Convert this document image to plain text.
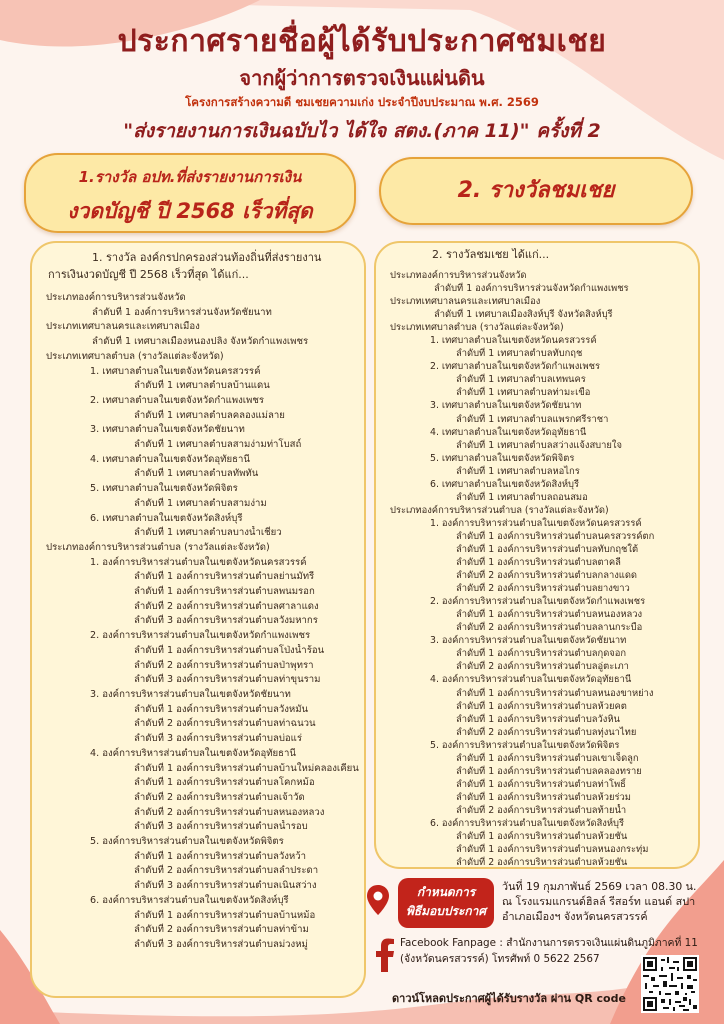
ประกาศรายชื่อผู้ได้รับประกาศชมเชย
จากผู้ว่าการตรวจเงินแผ่นดิน
โครงการสร้างความดี ชมเชยความเก่ง ประจำปีงบประมาณ พ.ศ. 2569
"ส่งรายงานการเงินฉบับไว ได้ใจ สตง.(ภาค 11)" ครั้งที่ 2
1.รางวัล อปท.ที่ส่งรายงานการเงิน
งวดบัญชี ปี 2568 เร็วที่สุด
2. รางวัลชมเชย
1. รางวัล องค์กรปกครองส่วนท้องถิ่นที่ส่งรายงาน
การเงินงวดบัญชี ปี 2568 เร็วที่สุด ได้แก่...
ประเภทองค์การบริหารส่วนจังหวัด
ลำดับที่ 1 องค์การบริหารส่วนจังหวัดชัยนาท
ประเภทเทศบาลนครและเทศบาลเมือง
ลำดับที่ 1 เทศบาลเมืองหนองปลิง จังหวัดกำแพงเพชร
ประเภทเทศบาลตำบล (รางวัลแต่ละจังหวัด)
1. เทศบาลตำบลในเขตจังหวัดนครสวรรค์
ลำดับที่ 1 เทศบาลตำบลบ้านแดน
2. เทศบาลตำบลในเขตจังหวัดกำแพงเพชร
ลำดับที่ 1 เทศบาลตำบลคลองแม่ลาย
3. เทศบาลตำบลในเขตจังหวัดชัยนาท
ลำดับที่ 1 เทศบาลตำบลสามง่ามท่าโบสถ์
4. เทศบาลตำบลในเขตจังหวัดอุทัยธานี
ลำดับที่ 1 เทศบาลตำบลทัพทัน
5. เทศบาลตำบลในเขตจังหวัดพิจิตร
ลำดับที่ 1 เทศบาลตำบลสามง่าม
6. เทศบาลตำบลในเขตจังหวัดสิงห์บุรี
ลำดับที่ 1 เทศบาลตำบลบางน้ำเชี่ยว
ประเภทองค์การบริหารส่วนตำบล (รางวัลแต่ละจังหวัด)
1. องค์การบริหารส่วนตำบลในเขตจังหวัดนครสวรรค์
ลำดับที่ 1 องค์การบริหารส่วนตำบลย่านมัทรี
ลำดับที่ 1 องค์การบริหารส่วนตำบลพนมรอก
ลำดับที่ 2 องค์การบริหารส่วนตำบลศาลาแดง
ลำดับที่ 3 องค์การบริหารส่วนตำบลวังมหากร
2. องค์การบริหารส่วนตำบลในเขตจังหวัดกำแพงเพชร
ลำดับที่ 1 องค์การบริหารส่วนตำบลโป่งน้ำร้อน
ลำดับที่ 2 องค์การบริหารส่วนตำบลป่าพุทรา
ลำดับที่ 3 องค์การบริหารส่วนตำบลท่าขุนราม
3. องค์การบริหารส่วนตำบลในเขตจังหวัดชัยนาท
ลำดับที่ 1 องค์การบริหารส่วนตำบลวังหมัน
ลำดับที่ 2 องค์การบริหารส่วนตำบลท่าฉนวน
ลำดับที่ 3 องค์การบริหารส่วนตำบลบ่อแร่
4. องค์การบริหารส่วนตำบลในเขตจังหวัดอุทัยธานี
ลำดับที่ 1 องค์การบริหารส่วนตำบลบ้านใหม่คลองเคียน
ลำดับที่ 1 องค์การบริหารส่วนตำบลโคกหม้อ
ลำดับที่ 2 องค์การบริหารส่วนตำบลเจ้าวัด
ลำดับที่ 2 องค์การบริหารส่วนตำบลหนองหลวง
ลำดับที่ 3 องค์การบริหารส่วนตำบลน้ำรอบ
5. องค์การบริหารส่วนตำบลในเขตจังหวัดพิจิตร
ลำดับที่ 1 องค์การบริหารส่วนตำบลวังหว้า
ลำดับที่ 2 องค์การบริหารส่วนตำบลลำประดา
ลำดับที่ 3 องค์การบริหารส่วนตำบลเนินสว่าง
6. องค์การบริหารส่วนตำบลในเขตจังหวัดสิงห์บุรี
ลำดับที่ 1 องค์การบริหารส่วนตำบลบ้านหม้อ
ลำดับที่ 2 องค์การบริหารส่วนตำบลท่าข้าม
ลำดับที่ 3 องค์การบริหารส่วนตำบลม่วงหมู่
2. รางวัลชมเชย ได้แก่...
ประเภทองค์การบริหารส่วนจังหวัด
ลำดับที่ 1 องค์การบริหารส่วนจังหวัดกำแพงเพชร
ประเภทเทศบาลนครและเทศบาลเมือง
ลำดับที่ 1 เทศบาลเมืองสิงห์บุรี จังหวัดสิงห์บุรี
ประเภทเทศบาลตำบล (รางวัลแต่ละจังหวัด)
1. เทศบาลตำบลในเขตจังหวัดนครสวรรค์
ลำดับที่ 1 เทศบาลตำบลทับกฤช
2. เทศบาลตำบลในเขตจังหวัดกำแพงเพชร
ลำดับที่ 1 เทศบาลตำบลเทพนคร
ลำดับที่ 1 เทศบาลตำบลท่ามะเขือ
3. เทศบาลตำบลในเขตจังหวัดชัยนาท
ลำดับที่ 1 เทศบาลตำบลแพรกศรีราชา
4. เทศบาลตำบลในเขตจังหวัดอุทัยธานี
ลำดับที่ 1 เทศบาลตำบลสว่างแจ้งสบายใจ
5. เทศบาลตำบลในเขตจังหวัดพิจิตร
ลำดับที่ 1 เทศบาลตำบลหอไกร
6. เทศบาลตำบลในเขตจังหวัดสิงห์บุรี
ลำดับที่ 1 เทศบาลตำบลถอนสมอ
ประเภทองค์การบริหารส่วนตำบล (รางวัลแต่ละจังหวัด)
1. องค์การบริหารส่วนตำบลในเขตจังหวัดนครสวรรค์
ลำดับที่ 1 องค์การบริหารส่วนตำบลนครสวรรค์ตก
ลำดับที่ 1 องค์การบริหารส่วนตำบลทับกฤชใต้
ลำดับที่ 1 องค์การบริหารส่วนตำบลตาคลี
ลำดับที่ 2 องค์การบริหารส่วนตำบลกลางแดด
ลำดับที่ 2 องค์การบริหารส่วนตำบลยางขาว
2. องค์การบริหารส่วนตำบลในเขตจังหวัดกำแพงเพชร
ลำดับที่ 1 องค์การบริหารส่วนตำบลหนองหลวง
ลำดับที่ 2 องค์การบริหารส่วนตำบลลานกระบือ
3. องค์การบริหารส่วนตำบลในเขตจังหวัดชัยนาท
ลำดับที่ 1 องค์การบริหารส่วนตำบลกุดจอก
ลำดับที่ 2 องค์การบริหารส่วนตำบลอู่ตะเภา
4. องค์การบริหารส่วนตำบลในเขตจังหวัดอุทัยธานี
ลำดับที่ 1 องค์การบริหารส่วนตำบลหนองขาหย่าง
ลำดับที่ 1 องค์การบริหารส่วนตำบลห้วยคต
ลำดับที่ 1 องค์การบริหารส่วนตำบลวังหิน
ลำดับที่ 2 องค์การบริหารส่วนตำบลทุ่งนาไทย
5. องค์การบริหารส่วนตำบลในเขตจังหวัดพิจิตร
ลำดับที่ 1 องค์การบริหารส่วนตำบลเขาเจ็ดลูก
ลำดับที่ 1 องค์การบริหารส่วนตำบลคลองทราย
ลำดับที่ 1 องค์การบริหารส่วนตำบลท่าโพธิ์
ลำดับที่ 1 องค์การบริหารส่วนตำบลห้วยร่วม
ลำดับที่ 2 องค์การบริหารส่วนตำบลท้ายน้ำ
6. องค์การบริหารส่วนตำบลในเขตจังหวัดสิงห์บุรี
ลำดับที่ 1 องค์การบริหารส่วนตำบลห้วยชัน
ลำดับที่ 1 องค์การบริหารส่วนตำบลหนองกระทุ่ม
ลำดับที่ 2 องค์การบริหารส่วนตำบลห้วยชัน
กำหนดการ
พิธีมอบประกาศ
วันที่ 19 กุมภาพันธ์ 2569 เวลา 08.30 น.
ณ โรงแรมแกรนด์ฮิลล์ รีสอร์ท แอนด์ สปา
อำเภอเมืองฯ จังหวัดนครสวรรค์
Facebook Fanpage : สำนักงานการตรวจเงินแผ่นดินภูมิภาคที่ 11
(จังหวัดนครสวรรค์) โทรศัพท์ 0 5622 2567
ดาวน์โหลดประกาศผู้ได้รับรางวัล ผ่าน QR code
